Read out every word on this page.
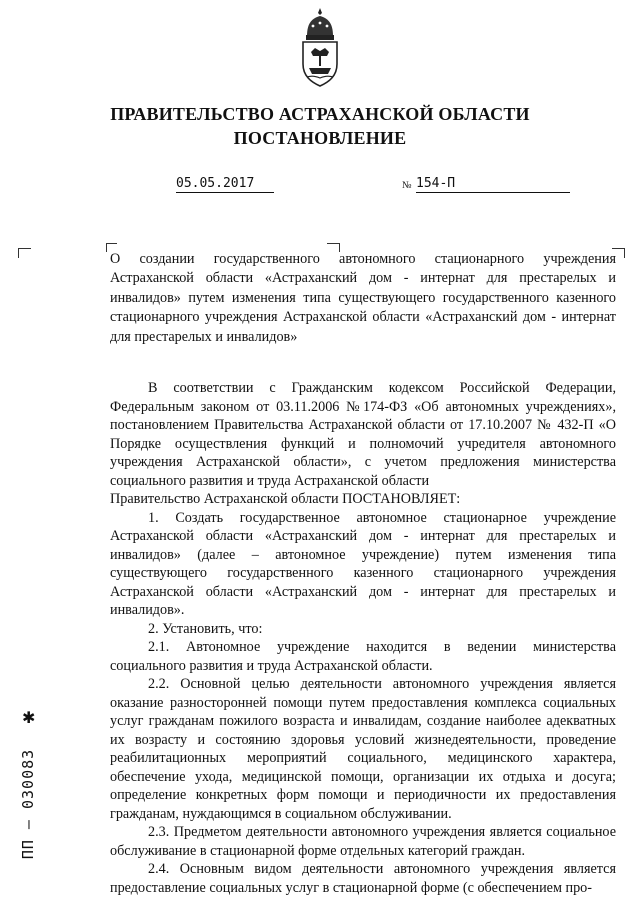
ПРАВИТЕЛЬСТВО АСТРАХАНСКОЙ ОБЛАСТИ
ПОСТАНОВЛЕНИЕ
05.05.2017	№ 154-П
О создании государственного автономного стационарного учреждения Астраханской области «Астраханский дом - интернат для престарелых и инвалидов» путем изменения типа существующего государственного казенного стационарного учреждения Астраханской области «Астраханский дом - интернат для престарелых и инвалидов»

В соответствии с Гражданским кодексом Российской Федерации, Федеральным законом от 03.11.2006 №174-ФЗ «Об автономных учреждениях», постановлением Правительства Астраханской области от 17.10.2007 № 432-П «О Порядке осуществления функций и полномочий учредителя автономного учреждения Астраханской области», с учетом предложения министерства социального развития и труда Астраханской области

Правительство Астраханской области ПОСТАНОВЛЯЕТ:

1. Создать государственное автономное стационарное учреждение Астраханской области «Астраханский дом - интернат для престарелых и инвалидов» (далее – автономное учреждение) путем изменения типа существующего государственного казенного стационарного учреждения Астраханской области «Астраханский дом - интернат для престарелых и инвалидов».

2. Установить, что:

2.1. Автономное учреждение находится в ведении министерства социального развития и труда Астраханской области.

2.2. Основной целью деятельности автономного учреждения является оказание разносторонней помощи путем предоставления комплекса социальных услуг гражданам пожилого возраста и инвалидам, создание наиболее адекватных их возрасту и состоянию здоровья условий жизнедеятельности, проведение реабилитационных мероприятий социального, медицинского характера, обеспечение ухода, медицинской помощи, организации их отдыха и досуга; определение конкретных форм помощи и периодичности их предоставления гражданам, нуждающимся в социальном обслуживании.

2.3. Предметом деятельности автономного учреждения является социальное обслуживание в стационарной форме отдельных категорий граждан.

2.4. Основным видом деятельности автономного учреждения является предоставление социальных услуг в стационарной форме (с обеспечением про-

✱
ПП – 030083
